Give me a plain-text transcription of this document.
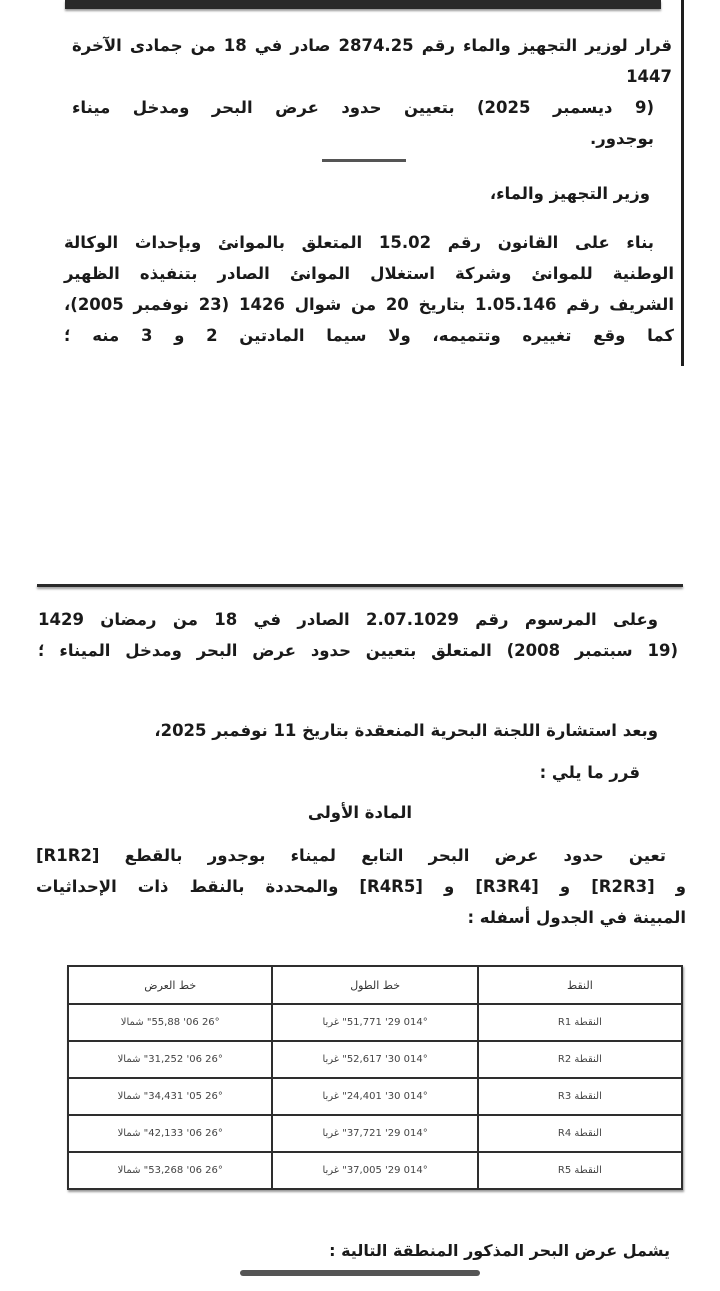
قرار لوزير التجهيز والماء رقم 2874.25 صادر في 18 من جمادى الآخرة 1447
(9 ديسمبر 2025) بتعيين حدود عرض البحر ومدخل ميناء
بوجدور.
وزير التجهيز والماء،
بناء على القانون رقم 15.02 المتعلق بالموانئ وبإحداث الوكالة
الوطنية للموانئ وشركة استغلال الموانئ الصادر بتنفيذه الظهير
الشريف رقم 1.05.146 بتاريخ 20 من شوال 1426 (23 نوفمبر 2005)،
كما وقع تغييره وتتميمه، ولا سيما المادتين 2 و 3 منه ؛
وعلى المرسوم رقم 2.07.1029 الصادر في 18 من رمضان 1429
(19 سبتمبر 2008) المتعلق بتعيين حدود عرض البحر ومدخل الميناء ؛
وبعد استشارة اللجنة البحرية المنعقدة بتاريخ 11 نوفمبر 2025،
قرر ما يلي :
المادة الأولى
تعين حدود عرض البحر التابع لميناء بوجدور بالقطع [R1R2]
و [R2R3] و [R3R4] و [R4R5] والمحددة بالنقط ذات الإحداثيات
المبينة في الجدول أسفله :
النقط	خط الطول	خط العرض
النقطة R1	014° 29' 51,771" غربا	26° 06' 55,88" شمالا
النقطة R2	014° 30' 52,617" غربا	26° 06' 31,252" شمالا
النقطة R3	014° 30' 24,401" غربا	26° 05' 34,431" شمالا
النقطة R4	014° 29' 37,721" غربا	26° 06' 42,133" شمالا
النقطة R5	014° 29' 37,005" غربا	26° 06' 53,268" شمالا
يشمل عرض البحر المذكور المنطقة التالية :
